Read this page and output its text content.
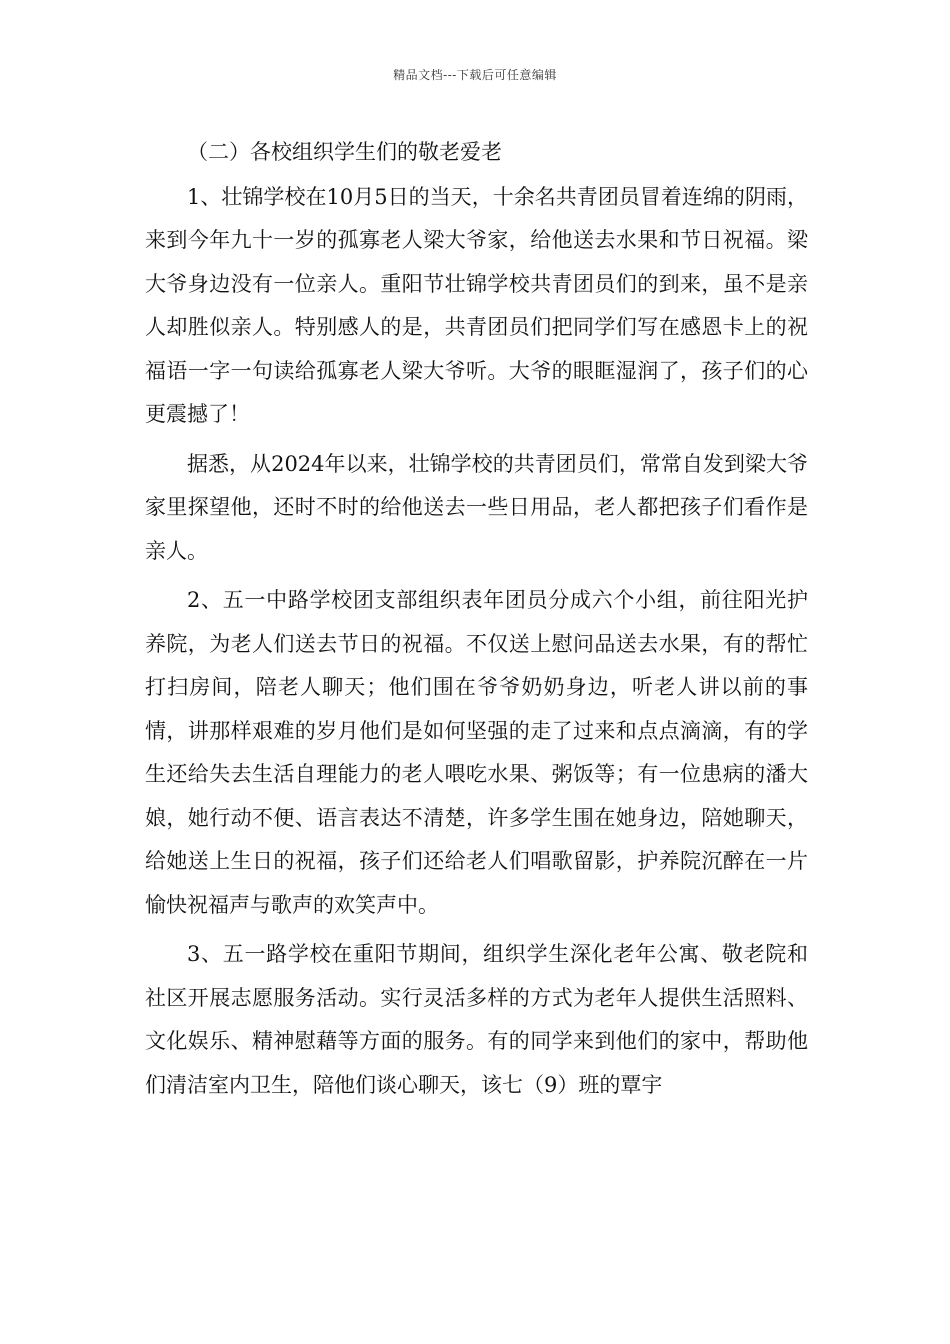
精品文档---下载后可任意编辑

（二）各校组织学生们的敬老爱老

1、壮锦学校在10月5日的当天，十余名共青团员冒着连绵的阴雨，来到今年九十一岁的孤寡老人梁大爷家，给他送去水果和节日祝福。梁大爷身边没有一位亲人。重阳节壮锦学校共青团员们的到来，虽不是亲人却胜似亲人。特别感人的是，共青团员们把同学们写在感恩卡上的祝福语一字一句读给孤寡老人梁大爷听。大爷的眼眶湿润了，孩子们的心更震撼了！

据悉，从2024年以来，壮锦学校的共青团员们，常常自发到梁大爷家里探望他，还时不时的给他送去一些日用品，老人都把孩子们看作是亲人。

2、五一中路学校团支部组织表年团员分成六个小组，前往阳光护养院，为老人们送去节日的祝福。不仅送上慰问品送去水果，有的帮忙打扫房间，陪老人聊天；他们围在爷爷奶奶身边，听老人讲以前的事情，讲那样艰难的岁月他们是如何坚强的走了过来和点点滴滴，有的学生还给失去生活自理能力的老人喂吃水果、粥饭等；有一位患病的潘大娘，她行动不便、语言表达不清楚，许多学生围在她身边，陪她聊天，给她送上生日的祝福，孩子们还给老人们唱歌留影，护养院沉醉在一片愉快祝福声与歌声的欢笑声中。

3、五一路学校在重阳节期间，组织学生深化老年公寓、敬老院和社区开展志愿服务活动。实行灵活多样的方式为老年人提供生活照料、文化娱乐、精神慰藉等方面的服务。有的同学来到他们的家中，帮助他们清洁室内卫生，陪他们谈心聊天，该七（9）班的覃宇
